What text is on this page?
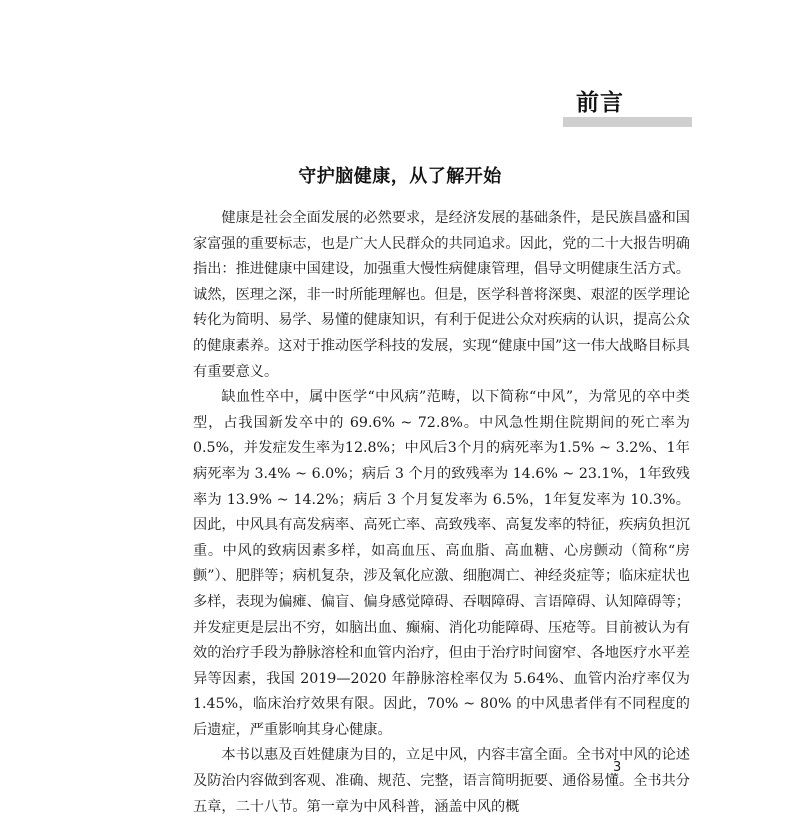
前言
守护脑健康，从了解开始

健康是社会全面发展的必然要求，是经济发展的基础条件，是民族昌盛和国家富强的重要标志，也是广大人民群众的共同追求。因此，党的二十大报告明确指出：推进健康中国建设，加强重大慢性病健康管理，倡导文明健康生活方式。诚然，医理之深，非一时所能理解也。但是，医学科普将深奥、艰涩的医学理论转化为简明、易学、易懂的健康知识，有利于促进公众对疾病的认识，提高公众的健康素养。这对于推动医学科技的发展，实现“健康中国”这一伟大战略目标具有重要意义。

缺血性卒中，属中医学“中风病”范畴，以下简称“中风”，为常见的卒中类型，占我国新发卒中的 69.6% ~ 72.8%。中风急性期住院期间的死亡率为0.5%，并发症发生率为12.8%；中风后3个月的病死率为1.5% ~ 3.2%、1年病死率为 3.4% ~ 6.0%；病后 3 个月的致残率为 14.6% ~ 23.1%，1年致残率为 13.9% ~ 14.2%；病后 3 个月复发率为 6.5%，1年复发率为 10.3%。因此，中风具有高发病率、高死亡率、高致残率、高复发率的特征，疾病负担沉重。中风的致病因素多样，如高血压、高血脂、高血糖、心房颤动（简称“房颤”）、肥胖等；病机复杂，涉及氧化应激、细胞凋亡、神经炎症等；临床症状也多样，表现为偏瘫、偏盲、偏身感觉障碍、吞咽障碍、言语障碍、认知障碍等；并发症更是层出不穷，如脑出血、癫痫、消化功能障碍、压疮等。目前被认为有效的治疗手段为静脉溶栓和血管内治疗，但由于治疗时间窗窄、各地医疗水平差异等因素，我国 2019—2020 年静脉溶栓率仅为 5.64%、血管内治疗率仅为 1.45%，临床治疗效果有限。因此，70% ~ 80% 的中风患者伴有不同程度的后遗症，严重影响其身心健康。

本书以惠及百姓健康为目的，立足中风，内容丰富全面。全书对中风的论述及防治内容做到客观、准确、规范、完整，语言简明扼要、通俗易懂。全书共分五章，二十八节。第一章为中风科普，涵盖中风的概

3
